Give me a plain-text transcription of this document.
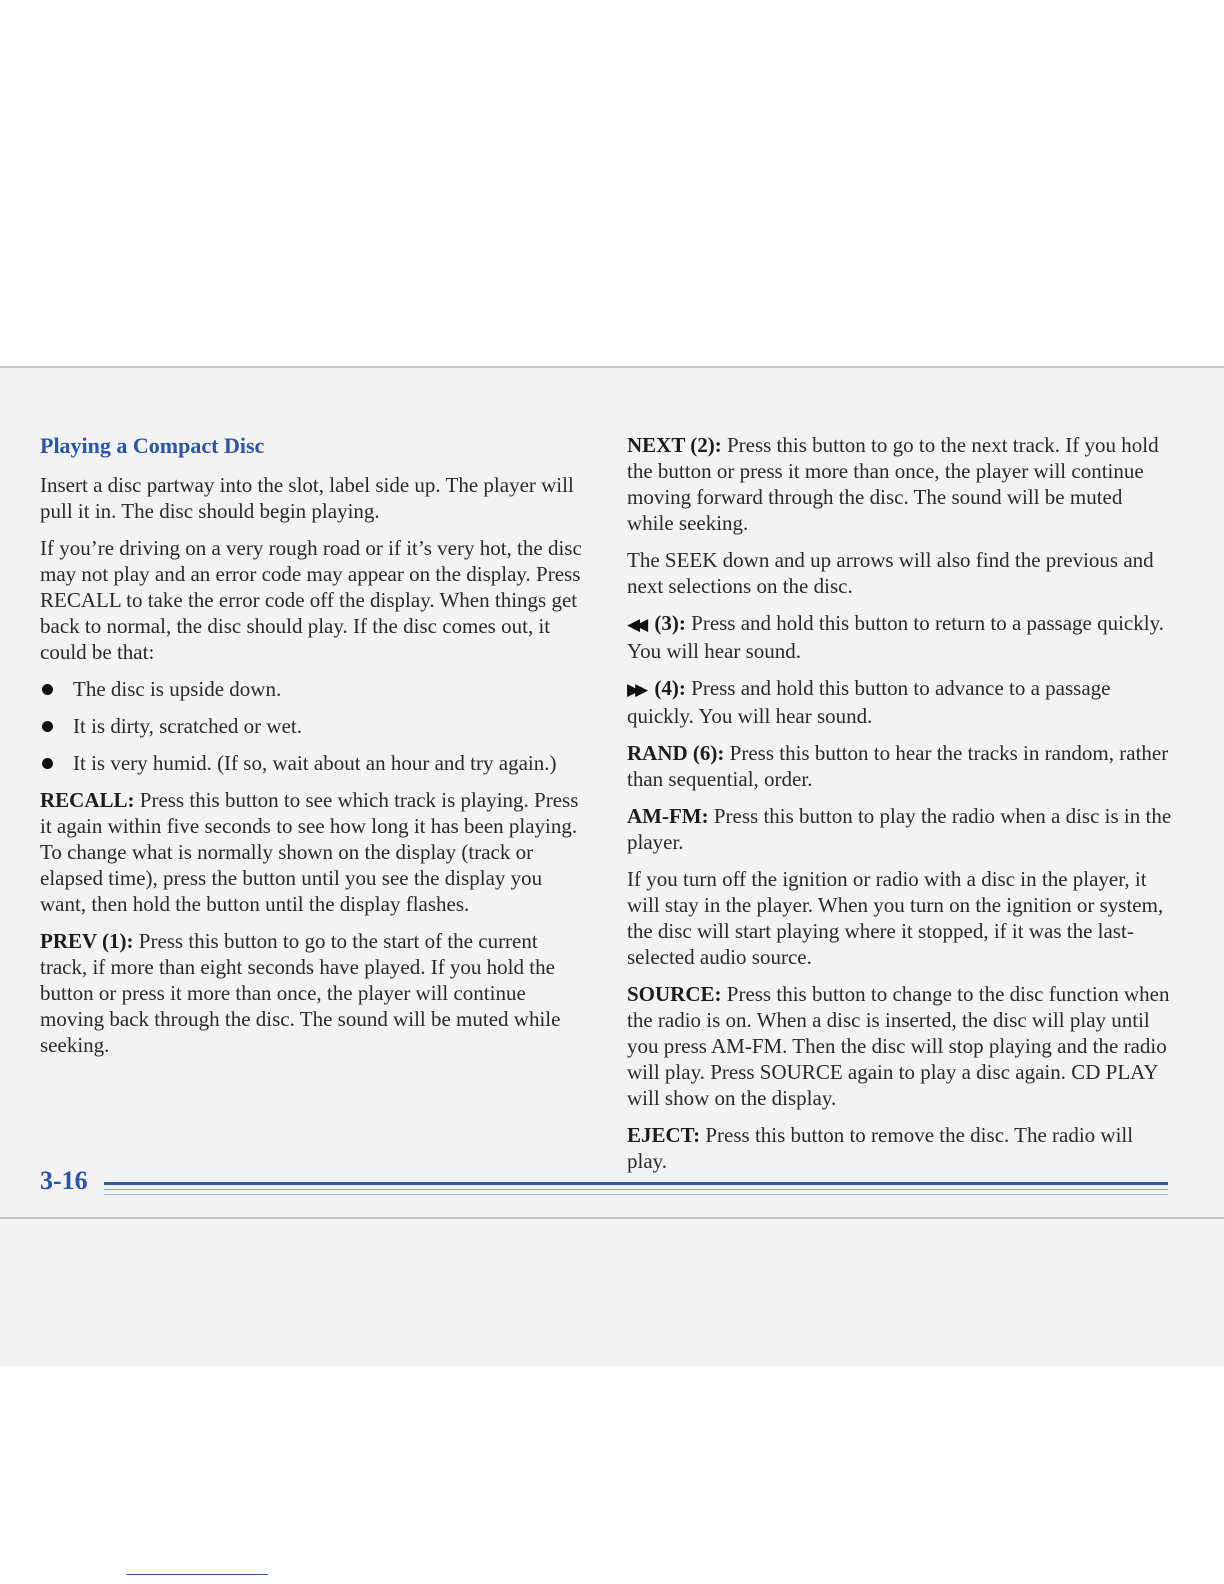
Playing a Compact Disc

Insert a disc partway into the slot, label side up. The player will pull it in. The disc should begin playing.

If you’re driving on a very rough road or if it’s very hot, the disc may not play and an error code may appear on the display. Press RECALL to take the error code off the display. When things get back to normal, the disc should play. If the disc comes out, it could be that:

The disc is upside down.
It is dirty, scratched or wet.
It is very humid. (If so, wait about an hour and try again.)

RECALL: Press this button to see which track is playing. Press it again within five seconds to see how long it has been playing. To change what is normally shown on the display (track or elapsed time), press the button until you see the display you want, then hold the button until the display flashes.

PREV (1): Press this button to go to the start of the current track, if more than eight seconds have played. If you hold the button or press it more than once, the player will continue moving back through the disc. The sound will be muted while seeking.

NEXT (2): Press this button to go to the next track. If you hold the button or press it more than once, the player will continue moving forward through the disc. The sound will be muted while seeking.

The SEEK down and up arrows will also find the previous and next selections on the disc.

◀◀ (3): Press and hold this button to return to a passage quickly. You will hear sound.

▶▶ (4): Press and hold this button to advance to a passage quickly. You will hear sound.

RAND (6): Press this button to hear the tracks in random, rather than sequential, order.

AM-FM: Press this button to play the radio when a disc is in the player.

If you turn off the ignition or radio with a disc in the player, it will stay in the player. When you turn on the ignition or system, the disc will start playing where it stopped, if it was the last-selected audio source.

SOURCE: Press this button to change to the disc function when the radio is on. When a disc is inserted, the disc will play until you press AM-FM. Then the disc will stop playing and the radio will play. Press SOURCE again to play a disc again. CD PLAY will show on the display.

EJECT: Press this button to remove the disc. The radio will play.

3-16
